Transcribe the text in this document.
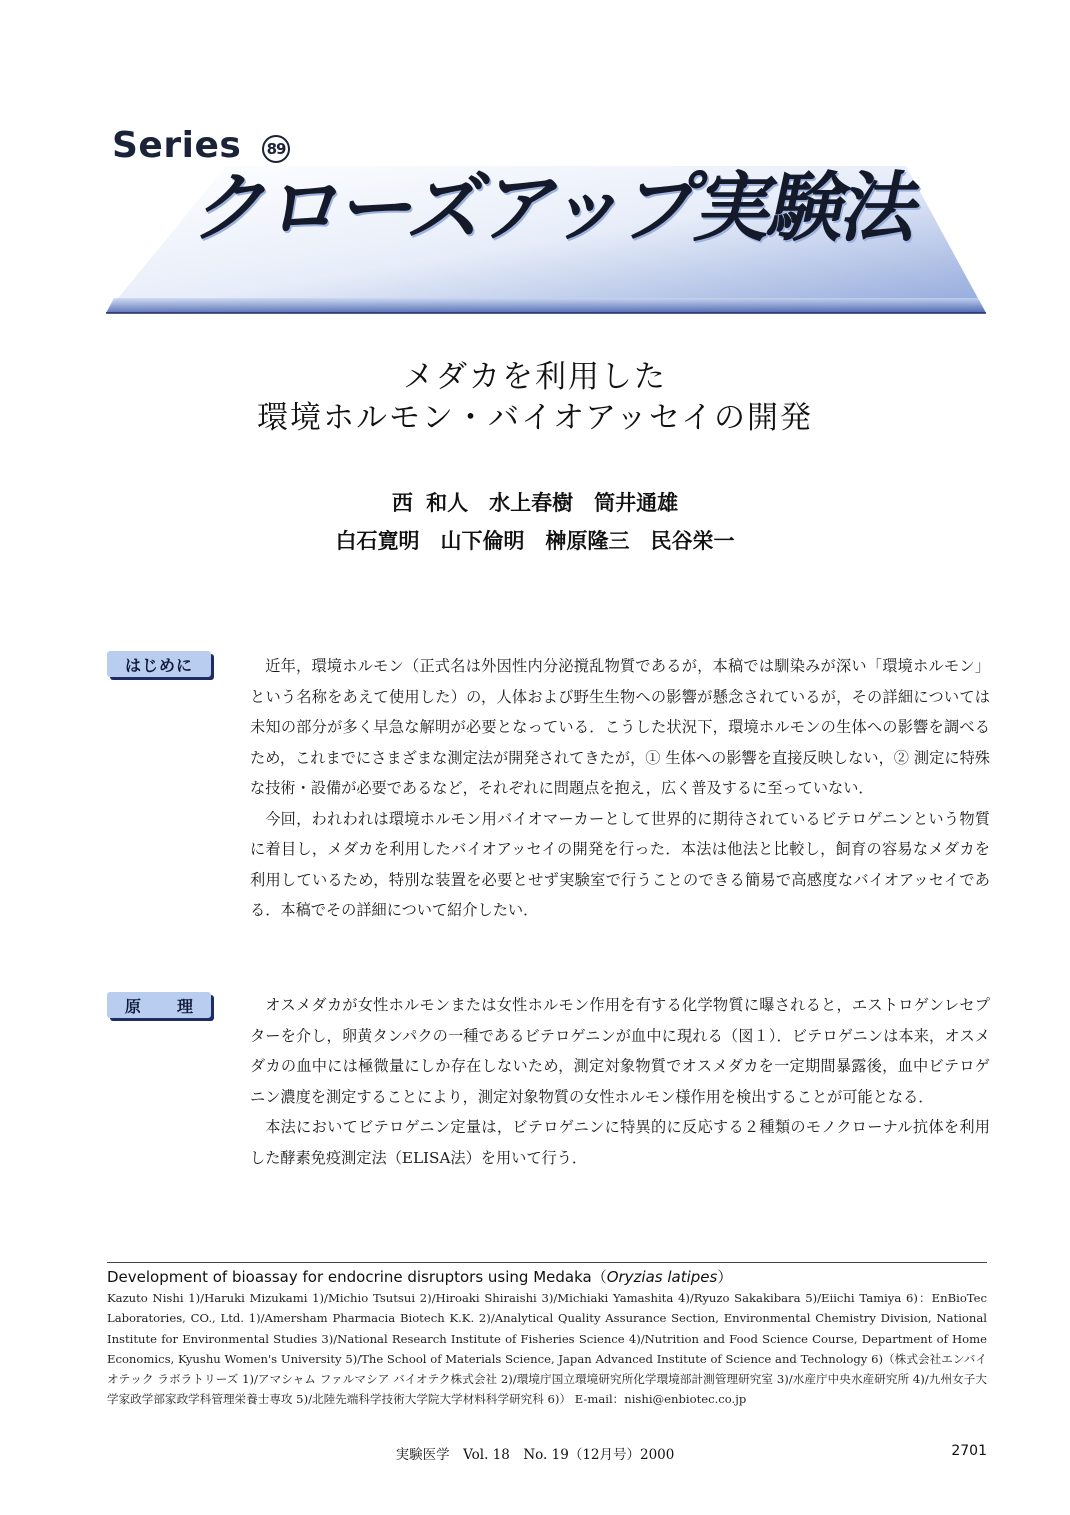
Series	89
クローズアップ実験法
メダカを利用した
環境ホルモン・バイオアッセイの開発
西 和人　水上春樹　筒井通雄
白石寛明　山下倫明　榊原隆三　民谷栄一
はじめに	近年，環境ホルモン（正式名は外因性内分泌撹乱物質であるが，本稿では馴染みが深い「環境ホルモン」という名称をあえて使用した）の，人体および野生生物への影響が懸念されているが，その詳細については未知の部分が多く早急な解明が必要となっている．こうした状況下，環境ホルモンの生体への影響を調べるため，これまでにさまざまな測定法が開発されてきたが，① 生体への影響を直接反映しない，② 測定に特殊な技術・設備が必要であるなど，それぞれに問題点を抱え，広く普及するに至っていない．

今回，われわれは環境ホルモン用バイオマーカーとして世界的に期待されているビテロゲニンという物質に着目し，メダカを利用したバイオアッセイの開発を行った．本法は他法と比較し，飼育の容易なメダカを利用しているため，特別な装置を必要とせず実験室で行うことのできる簡易で高感度なバイオアッセイである．本稿でその詳細について紹介したい．

原理	オスメダカが女性ホルモンまたは女性ホルモン作用を有する化学物質に曝されると，エストロゲンレセプターを介し，卵黄タンパクの一種であるビテロゲニンが血中に現れる（図１）．ビテロゲニンは本来，オスメダカの血中には極微量にしか存在しないため，測定対象物質でオスメダカを一定期間暴露後，血中ビテロゲニン濃度を測定することにより，測定対象物質の女性ホルモン様作用を検出することが可能となる．

本法においてビテロゲニン定量は，ビテロゲニンに特異的に反応する２種類のモノクローナル抗体を利用した酵素免疫測定法（ELISA法）を用いて行う．

Development of bioassay for endocrine disruptors using Medaka（Oryzias latipes）
Kazuto Nishi 1)/Haruki Mizukami 1)/Michio Tsutsui 2)/Hiroaki Shiraishi 3)/Michiaki Yamashita 4)/Ryuzo Sakakibara 5)/Eiichi Tamiya 6)：EnBioTec Laboratories, CO., Ltd. 1)/Amersham Pharmacia Biotech K.K. 2)/Analytical Quality Assurance Section, Environmental Chemistry Division, National Institute for Environmental Studies 3)/National Research Institute of Fisheries Science 4)/Nutrition and Food Science Course, Department of Home Economics, Kyushu Women's University 5)/The School of Materials Science, Japan Advanced Institute of Science and Technology 6)（株式会社エンバイオテック ラボラトリーズ 1)/アマシャム ファルマシア バイオテク株式会社 2)/環境庁国立環境研究所化学環境部計測管理研究室 3)/水産庁中央水産研究所 4)/九州女子大学家政学部家政学科管理栄養士専攻 5)/北陸先端科学技術大学院大学材料科学研究科 6)） E-mail：nishi@enbiotec.co.jp
実験医学　Vol. 18　No. 19（12月号）2000	2701
